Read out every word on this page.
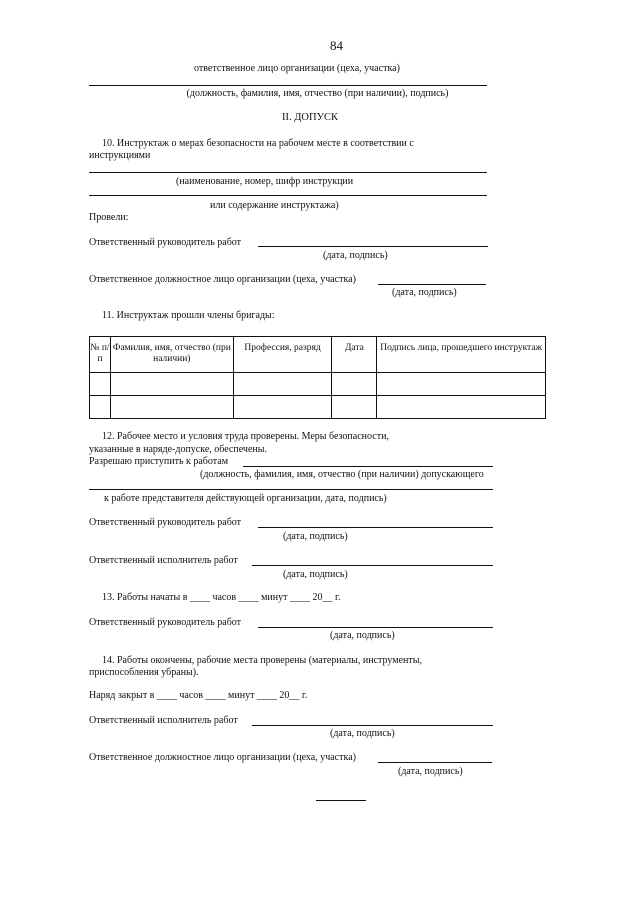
84
ответственное лицо организации (цеха, участка)
(должность, фамилия, имя, отчество (при наличии), подпись)
II. ДОПУСК
10. Инструктаж о мерах безопасности на рабочем месте в соответствии с
инструкциями
(наименование, номер, шифр инструкции
или содержание инструктажа)
Провели:
Ответственный руководитель работ
(дата, подпись)
Ответственное должностное лицо организации (цеха, участка)
(дата, подпись)
11. Инструктаж прошли члены бригады:
№ п/п	Фамилия, имя, отчество (при наличии)	Профессия, разряд	Дата	Подпись лица, прошедшего инструктаж

12. Рабочее место и условия труда проверены. Меры безопасности,
указанные в наряде-допуске, обеспечены.
Разрешаю приступить к работам
(должность, фамилия, имя, отчество (при наличии) допускающего
к работе представителя действующей организации, дата, подпись)
Ответственный руководитель работ
(дата, подпись)
Ответственный исполнитель работ
(дата, подпись)
13. Работы начаты в ____ часов ____ минут ____ 20__ г.
Ответственный руководитель работ
(дата, подпись)
14. Работы окончены, рабочие места проверены (материалы, инструменты,
приспособления убраны).
Наряд закрыт в ____ часов ____ минут ____ 20__ г.
Ответственный исполнитель работ
(дата, подпись)
Ответственное должностное лицо организации (цеха, участка)
(дата, подпись)
